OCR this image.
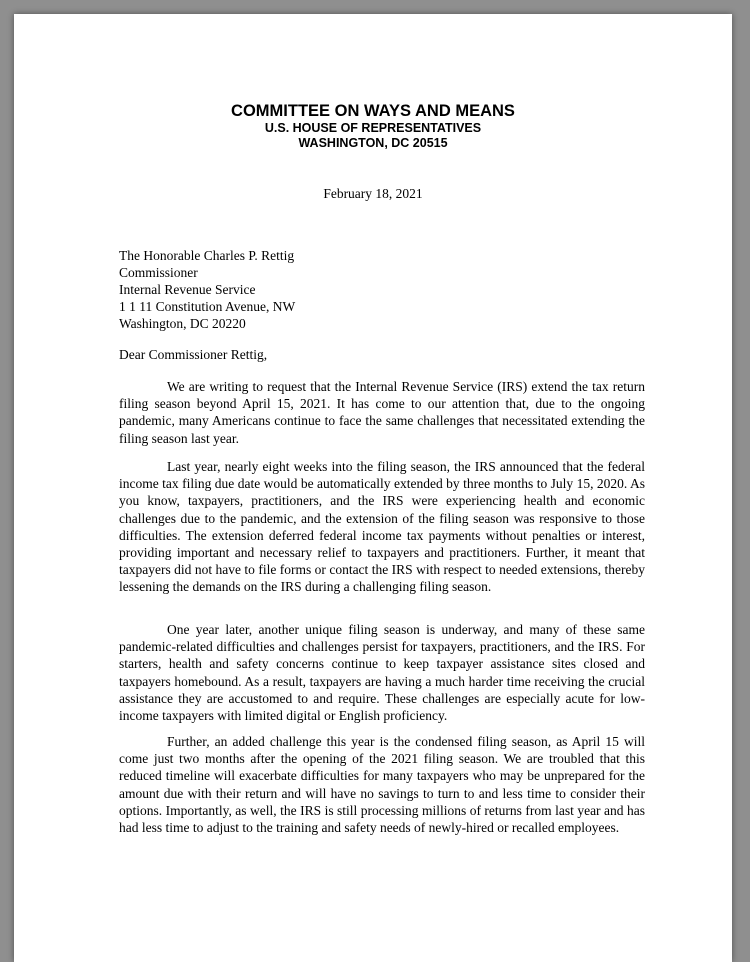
COMMITTEE ON WAYS AND MEANS
U.S. HOUSE OF REPRESENTATIVES
WASHINGTON, DC 20515
February 18, 2021
The Honorable Charles P. Rettig
Commissioner
Internal Revenue Service
1 1 11 Constitution Avenue, NW
Washington, DC 20220
Dear Commissioner Rettig,

We are writing to request that the Internal Revenue Service (IRS) extend the tax return filing season beyond April 15, 2021. It has come to our attention that, due to the ongoing pandemic, many Americans continue to face the same challenges that necessitated extending the filing season last year.

Last year, nearly eight weeks into the filing season, the IRS announced that the federal income tax filing due date would be automatically extended by three months to July 15, 2020. As you know, taxpayers, practitioners, and the IRS were experiencing health and economic challenges due to the pandemic, and the extension of the filing season was responsive to those difficulties. The extension deferred federal income tax payments without penalties or interest, providing important and necessary relief to taxpayers and practitioners. Further, it meant that taxpayers did not have to file forms or contact the IRS with respect to needed extensions, thereby lessening the demands on the IRS during a challenging filing season.

One year later, another unique filing season is underway, and many of these same pandemic-related difficulties and challenges persist for taxpayers, practitioners, and the IRS. For starters, health and safety concerns continue to keep taxpayer assistance sites closed and taxpayers homebound. As a result, taxpayers are having a much harder time receiving the crucial assistance they are accustomed to and require. These challenges are especially acute for low-income taxpayers with limited digital or English proficiency.

Further, an added challenge this year is the condensed filing season, as April 15 will come just two months after the opening of the 2021 filing season. We are troubled that this reduced timeline will exacerbate difficulties for many taxpayers who may be unprepared for the amount due with their return and will have no savings to turn to and less time to consider their options. Importantly, as well, the IRS is still processing millions of returns from last year and has had less time to adjust to the training and safety needs of newly-hired or recalled employees.
